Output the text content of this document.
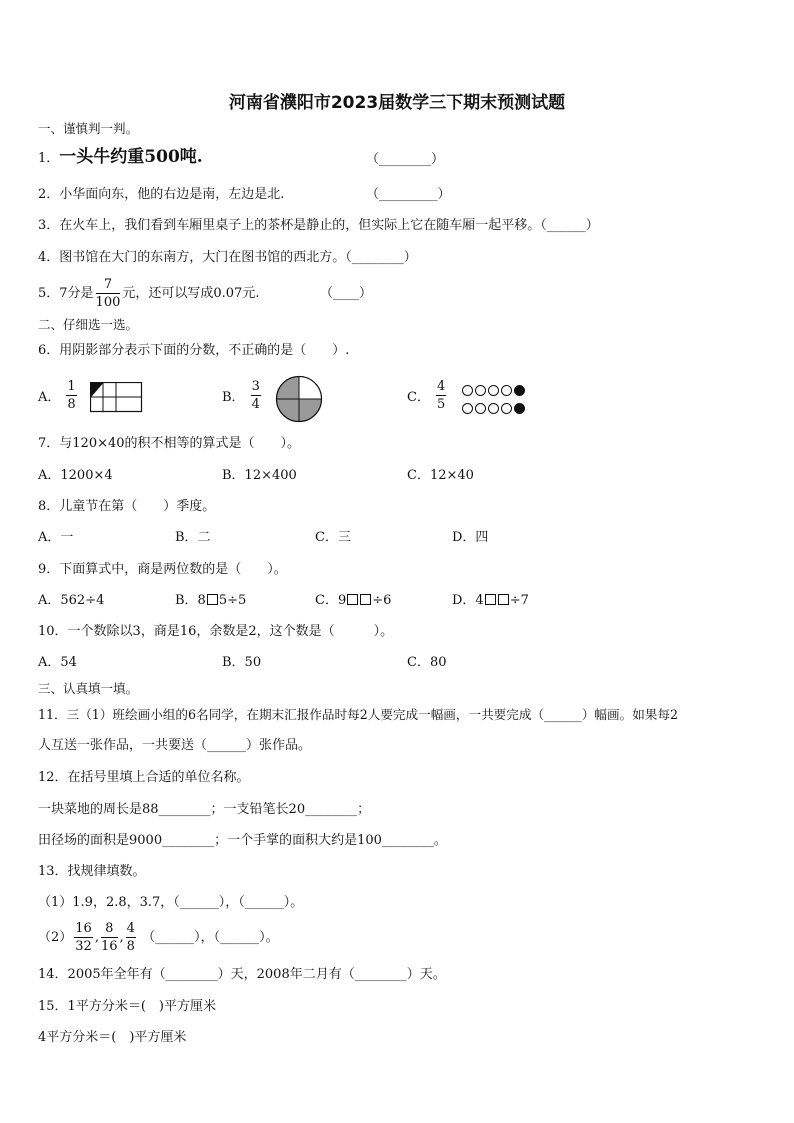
河南省濮阳市2023届数学三下期末预测试题
一、谨慎判一判。
1．一头牛约重500吨.	（________）
2．小华面向东，他的右边是南，左边是北.	（_________）
3．在火车上，我们看到车厢里桌子上的茶杯是静止的，但实际上它在随车厢一起平移。（______）
4．图书馆在大门的东南方，大门在图书馆的西北方。（________）
5．7分是 $\frac{7}{100}$ 元，还可以写成0.07元.	（____）
二、仔细选一选。
6．用阴影部分表示下面的分数，不正确的是（　　）.
A． $\frac{1}{8}$	B． $\frac{3}{4}$	C． $\frac{4}{5}$
7．与120×40的积不相等的算式是（　　）。
A．1200×4	B．12×400	C．12×40
8．儿童节在第（　　）季度。
A．一	B．二	C．三	D．四
9．下面算式中，商是两位数的是（　　）。
A．562÷4	B．8 5÷5	C．9 ÷6	D．4 ÷7
10．一个数除以3，商是16，余数是2，这个数是（　　　）。
A．54	B．50	C．80
三、认真填一填。
11．三（1）班绘画小组的6名同学，在期末汇报作品时每2人要完成一幅画，一共要完成（______）幅画。如果每2
人互送一张作品，一共要送（______）张作品。
12．在括号里填上合适的单位名称。
一块菜地的周长是88________；一支铅笔长20________；
田径场的面积是9000________；一个手掌的面积大约是100________。
13．找规律填数。
（1）1.9，2.8，3.7，（______），（______）。
$(2) \frac{16}{32}$ , $\frac{8}{16}$ , $\frac{4}{8}$ （______），（______）。
14．2005年全年有（________）天，2008年二月有（________）天。
15．1平方分米＝(　)平方厘米
4平方分米＝(　)平方厘米
